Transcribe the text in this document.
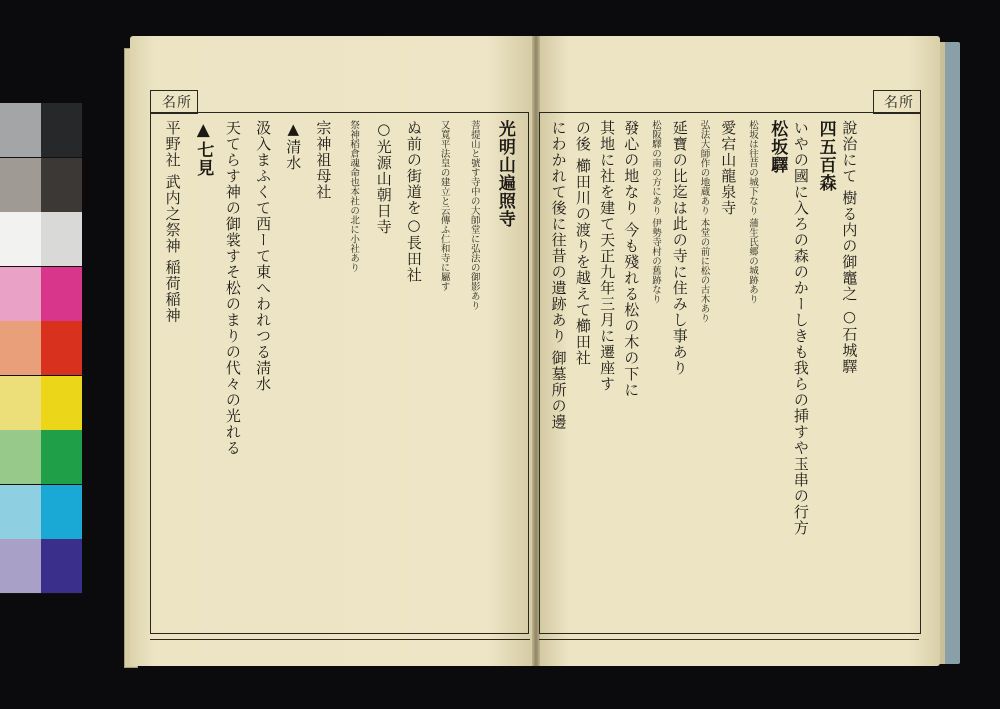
名所	名所
光明山遍照寺
菩提山と號す寺中の大師堂に弘法の御影あり
又寬平法皇の建立と云傳ふ仁和寺に屬す
ぬ前の街道を○長田社
○光源山朝日寺
祭神稻倉魂命也本社の北に小社あり
宗神祖母社
▲清水
汲入まふくて西ーて東へわれつる淸水
天てらす神の御裳すそ松のまりの代々の光れる
▲七見
平野社 武内之祭神 稲荷稲神	說治にて 樹る内の御竈之 ○石城驛
四五百森
いやの國に入ろの森のかーしきも我らの挿すや玉串の行方
松坂驛
松坂は往昔の城下なり 蒲生氏郷の城跡あり
愛宕山龍泉寺
弘法大師作の地蔵あり 本堂の前に松の古木あり
延寶の比迄は此の寺に住みし事あり
松阪驛の南の方にあり 伊勢寺村の舊跡なり
發心の地なり 今も殘れる松の木の下に
其地に社を建て天正九年三月に遷座す
の後 櫛田川の渡りを越えて櫛田社
にわかれて後に往昔の遺跡あり 御墓所の邊
